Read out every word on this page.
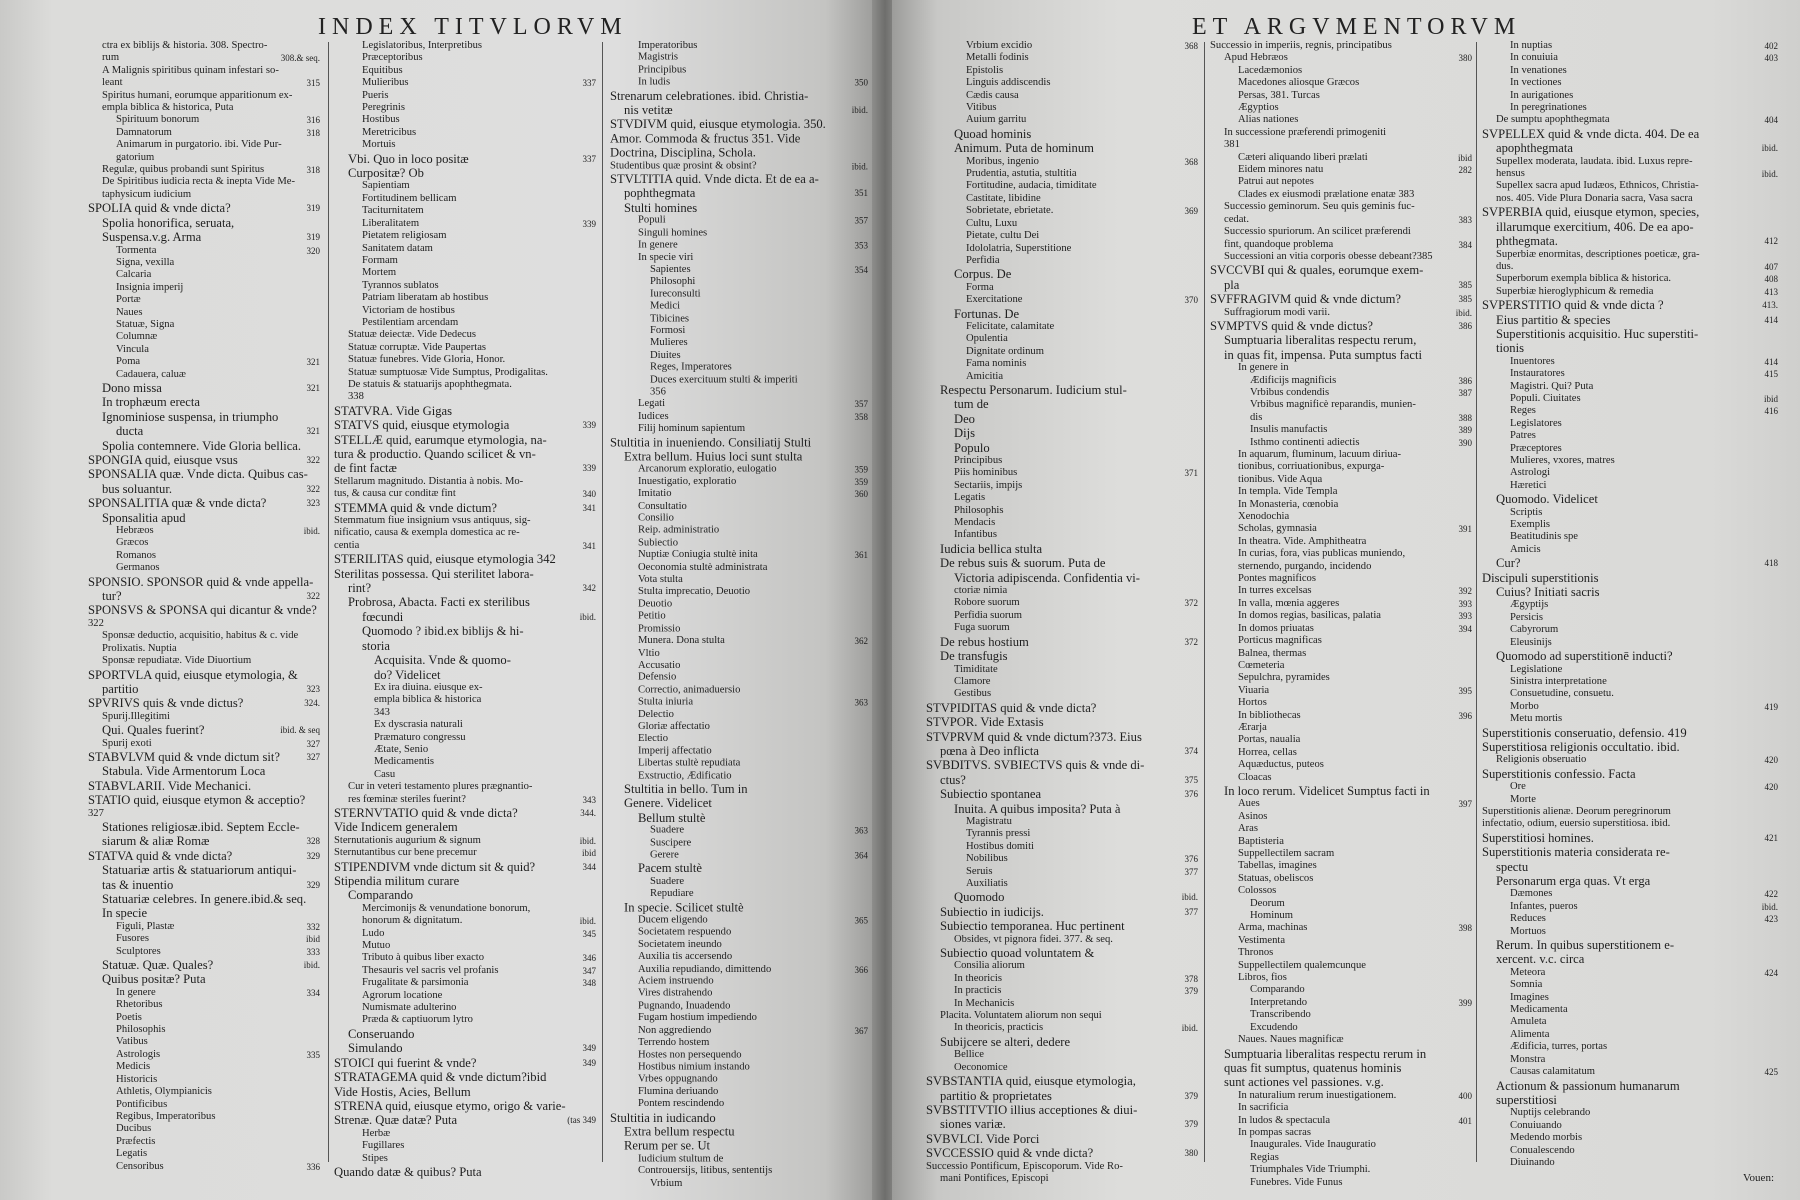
INDEX TITVLORVM
ctra ex biblijs & historia. 308. Spectro-
rum	308.& seq.
A Malignis spiritibus quinam infestari so-
leant	315
Spiritus humani, eorumque apparitionum ex-
empla biblica & historica, Puta
Spirituum bonorum	316
Damnatorum	318
Animarum in purgatorio. ibi. Vide Pur-
gatorium
Regulæ, quibus probandi sunt Spiritus	318
De Spiritibus iudicia recta & inepta Vide Me-
taphysicum iudicium
SPOLIA quid & vnde dicta?	319
Spolia honorifica, seruata,
Suspensa.v.g. Arma	319
Tormenta	320
Signa, vexilla
Calcaria
Insignia imperij
Portæ
Naues
Statuæ, Signa
Columnæ
Vincula
Poma	321
Cadauera, caluæ
Dono missa	321
In trophæum erecta
Ignominiose suspensa, in triumpho
ducta	321
Spolia contemnere. Vide Gloria bellica.
SPONGIA quid, eiusque vsus	322
SPONSALIA quæ. Vnde dicta. Quibus cas-
bus soluantur.	322
SPONSALITIA quæ & vnde dicta?	323
Sponsalitia apud
Hebræos	ibid.
Græcos
Romanos
Germanos
SPONSIO. SPONSOR quid & vnde appella-
tur?	322
SPONSVS & SPONSA qui dicantur & vnde?
322
Sponsæ deductio, acquisitio, habitus & c. vide
Prolixatis. Nuptia
Sponsæ repudiatæ. Vide Diuortium
SPORTVLA quid, eiusque etymologia, &
partitio	323
SPVRIVS quis & vnde dictus?	324.
Spurij.Illegitimi
Qui. Quales fuerint?	ibid. & seq
Spurij exoti	327
STABVLVM quid & vnde dictum sit?	327
Stabula. Vide Armentorum Loca
STABVLARII. Vide Mechanici.
STATIO quid, eiusque etymon & acceptio?
327
Stationes religiosæ.ibid. Septem Eccle-
siarum & aliæ Romæ	328
STATVA quid & vnde dicta?	329
Statuariæ artis & statuariorum antiqui-
tas & inuentio	329
Statuariæ celebres. In genere.ibid.& seq.
In specie
Figuli, Plastæ	332
Fusores	ibid
Sculptores	333
Statuæ. Quæ. Quales?	ibid.
Quibus positæ? Puta
In genere	334
Rhetoribus
Poetis
Philosophis
Vatibus
Astrologis	335
Medicis
Historicis
Athletis, Olympianicis
Pontificibus
Regibus, Imperatoribus
Ducibus
Præfectis
Legatis
Censoribus	336
Legislatoribus, Interpretibus
Præceptoribus
Equitibus
Mulieribus	337
Pueris
Peregrinis
Hostibus
Meretricibus
Mortuis
Vbi. Quo in loco positæ	337
Curpositæ? Ob
Sapientiam
Fortitudinem bellicam
Taciturnitatem
Liberalitatem	339
Pietatem religiosam
Sanitatem datam
Formam
Mortem
Tyrannos sublatos
Patriam liberatam ab hostibus
Victoriam de hostibus
Pestilentiam arcendam
Statuæ deiectæ. Vide Dedecus
Statuæ corruptæ. Vide Paupertas
Statuæ funebres. Vide Gloria, Honor.
Statuæ sumptuosæ Vide Sumptus, Prodigalitas.
De statuis & statuarijs apophthegmata.
338
STATVRA. Vide Gigas
STATVS quid, eiusque etymologia	339
STELLÆ quid, earumque etymologia, na-
tura & productio. Quando scilicet & vn-
de fint factæ	339
Stellarum magnitudo. Distantia à nobis. Mo-
tus, & causa cur conditæ fint	340
STEMMA quid & vnde dictum?	341
Stemmatum fiue insignium vsus antiquus, sig-
nificatio, causa & exempla domestica ac re-
centia	341
STERILITAS quid, eiusque etymologia 342
Sterilitas possessa. Qui sterilitet labora-
rint?	342
Probrosa, Abacta. Facti ex sterilibus
fœcundi	ibid.
Quomodo ? ibid.ex biblijs & hi-
storia
Acquisita. Vnde & quomo-
do? Videlicet
Ex ira diuina. eiusque ex-
empla biblica & historica
343
Ex dyscrasia naturali
Præmaturo congressu
Ætate, Senio
Medicamentis
Casu
Cur in veteri testamento plures prægnantio-
res fœminæ steriles fuerint?	343
STERNVTATIO quid & vnde dicta?	344.
Vide Indicem generalem
Sternutationis augurium & signum	ibid.
Sternutantibus cur bene precemur	ibid
STIPENDIVM vnde dictum sit & quid?	344
Stipendia militum curare
Comparando
Mercimonijs & venundatione bonorum,
honorum & dignitatum.	ibid.
Ludo	345
Mutuo
Tributo à quibus liber exacto	346
Thesauris vel sacris vel profanis	347
Frugalitate & parsimonia	348
Agrorum locatione
Numismate adulterino
Præda & captiuorum lytro
Conseruando
Simulando	349
STOICI qui fuerint & vnde?	349
STRATAGEMA quid & vnde dictum?ibid
Vide Hostis, Acies, Bellum
STRENA quid, eiusque etymo, origo & varie-
Strenæ. Quæ datæ? Puta	(tas 349
Herbæ
Fugillares
Stipes
Quando datæ & quibus? Puta
Imperatoribus
Magistris
Principibus
In ludis	350
Strenarum celebrationes. ibid. Christia-
nis vetitæ	ibid.
STVDIVM quid, eiusque etymologia. 350.
Amor. Commoda & fructus 351. Vide
Doctrina, Disciplina, Schola.
Studentibus quæ prosint & obsint?	ibid.
STVLTITIA quid. Vnde dicta. Et de ea a-
pophthegmata	351
Stulti homines
Populi	357
Singuli homines
In genere	353
In specie viri
Sapientes	354
Philosophi
Iureconsulti
Medici
Tibicines
Formosi
Mulieres
Diuites
Reges, Imperatores
Duces exercituum stulti & imperiti
356
Legati	357
Iudices	358
Filij hominum sapientum
Stultitia in inueniendo. Consiliatij Stulti
Extra bellum. Huius loci sunt stulta
Arcanorum exploratio, eulogatio	359
Inuestigatio, exploratio	359
Imitatio	360
Consultatio
Consilio
Reip. administratio
Subiectio
Nuptiæ Coniugia stultè inita	361
Oeconomia stultè administrata
Vota stulta
Stulta imprecatio, Deuotio
Deuotio
Petitio
Promissio
Munera. Dona stulta	362
Vltio
Accusatio
Defensio
Correctio, animaduersio
Stulta iniuria	363
Delectio
Gloriæ affectatio
Electio
Imperij affectatio
Libertas stultè repudiata
Exstructio, Ædificatio
Stultitia in bello. Tum in
Genere. Videlicet
Bellum stultè
Suadere	363
Suscipere
Gerere	364
Pacem stultè
Suadere
Repudiare
In specie. Scilicet stultè
Ducem eligendo	365
Societatem respuendo
Societatem ineundo
Auxilia tis accersendo
Auxilia repudiando, dimittendo	366
Aciem instruendo
Vires distrahendo
Pugnando, Inuadendo
Fugam hostium impediendo
Non aggrediendo	367
Terrendo hostem
Hostes non persequendo
Hostibus nimium instando
Vrbes oppugnando
Flumina deriuando
Pontem rescindendo
Stultitia in iudicando
Extra bellum respectu
Rerum per se. Ut
Iudicium stultum de
Controuersijs, litibus, sententijs
Vrbium
ET ARGVMENTORVM
Vrbium excidio	368
Metalli fodinis
Epistolis
Linguis addiscendis
Cædis causa
Vitibus
Auium garritu
Quoad hominis
Animum. Puta de hominum
Moribus, ingenio	368
Prudentia, astutia, stultitia
Fortitudine, audacia, timiditate
Castitate, libidine
Sobrietate, ebrietate.	369
Cultu, Luxu
Pietate, cultu Dei
Idololatria, Superstitione
Perfidia
Corpus. De
Forma
Exercitatione	370
Fortunas. De
Felicitate, calamitate
Opulentia
Dignitate ordinum
Fama nominis
Amicitia
Respectu Personarum. Iudicium stul-
tum de
Deo
Dijs
Populo
Principibus
Piis hominibus	371
Sectariis, impijs
Legatis
Philosophis
Mendacis
Infantibus
Iudicia bellica stulta
De rebus suis & suorum. Puta de
Victoria adipiscenda. Confidentia vi-
ctoriæ nimia
Robore suorum	372
Perfidia suorum
Fuga suorum
De rebus hostium	372
De transfugis
Timiditate
Clamore
Gestibus
STVPIDITAS quid & vnde dicta?
STVPOR. Vide Extasis
STVPRVM quid & vnde dictum?373. Eius
pœna à Deo inflicta	374
SVBDITVS. SVBIECTVS quis & vnde di-
ctus?	375
Subiectio spontanea	376
Inuita. A quibus imposita? Puta à
Magistratu
Tyrannis pressi
Hostibus domiti
Nobilibus	376
Seruis	377
Auxiliatis
Quomodo	ibid.
Subiectio in iudicijs.	377
Subiectio temporanea. Huc pertinent
Obsides, vt pignora fidei. 377. & seq.
Subiectio quoad voluntatem &
Consilia aliorum
In theoricis	378
In practicis	379
In Mechanicis
Placita. Voluntatem aliorum non sequi
In theoricis, practicis	ibid.
Subijcere se alteri, dedere
Bellice
Oeconomice
SVBSTANTIA quid, eiusque etymologia,
partitio & proprietates	379
SVBSTITVTIO illius acceptiones & diui-
siones variæ.	379
SVBVLCI. Vide Porci
SVCCESSIO quid & vnde dicta?	380
Successio Pontificum, Episcoporum. Vide Ro-
mani Pontifices, Episcopi
Successio in imperiis, regnis, principatibus
Apud Hebræos	380
Lacedæmonios
Macedones aliosque Græcos
Persas, 381. Turcas
Ægyptios
Alias nationes
In successione præferendi primogeniti
381
Cæteri aliquando liberi prælati	ibid
Eidem minores natu	282
Patrui aut nepotes
Clades ex eiusmodi prælatione enatæ 383
Successio geminorum. Seu quis geminis fuc-
cedat.	383
Successio spuriorum. An scilicet præferendi
fint, quandoque problema	384
Successioni an vitia corporis obesse debeant?385
SVCCVBI qui & quales, eorumque exem-
pla	385
SVFFRAGIVM quid & vnde dictum?	385
Suffragiorum modi varii.	ibid.
SVMPTVS quid & vnde dictus?	386
Sumptuaria liberalitas respectu rerum,
in quas fit, impensa. Puta sumptus facti
In genere in
Ædificijs magnificis	386
Vrbibus condendis	387
Vrbibus magnificè reparandis, munien-
dis	388
Insulis manufactis	389
Isthmo continenti adiectis	390
In aquarum, fluminum, lacuum diriua-
tionibus, corriuationibus, expurga-
tionibus. Vide Aqua
In templa. Vide Templa
In Monasteria, cœnobia
Xenodochia
Scholas, gymnasia	391
In theatra. Vide. Amphitheatra
In curias, fora, vias publicas muniendo,
sternendo, purgando, incidendo
Pontes magnificos
In turres excelsas	392
In valla, mœnia aggeres	393
In domos regias, basilicas, palatia	393
In domos priuatas	394
Porticus magnificas
Balnea, thermas
Cœmeteria
Sepulchra, pyramides
Viuaria	395
Hortos
In bibliothecas	396
Ærarja
Portas, naualia
Horrea, cellas
Aquæductus, puteos
Cloacas
In loco rerum. Videlicet Sumptus facti in
Aues	397
Asinos
Aras
Baptisteria
Suppellectilem sacram
Tabellas, imagines
Statuas, obeliscos
Colossos
Deorum
Hominum
Arma, machinas	398
Vestimenta
Thronos
Suppellectilem qualemcunque
Libros, fios
Comparando
Interpretando	399
Transcribendo
Excudendo
Naues. Naues magnificæ
Sumptuaria liberalitas respectu rerum in
quas fit sumptus, quatenus hominis
sunt actiones vel passiones. v.g.
In naturalium rerum inuestigationem.	400
In sacrificia
In ludos & spectacula	401
In pompas sacras
Inaugurales. Vide Inauguratio
Regias
Triumphales Vide Triumphi.
Funebres. Vide Funus
In nuptias	402
In conuiuia	403
In venationes
In vectiones
In aurigationes
In peregrinationes
De sumptu apophthegmata	404
SVPELLEX quid & vnde dicta. 404. De ea
apophthegmata	ibid.
Supellex moderata, laudata. ibid. Luxus repre-
hensus	ibid.
Supellex sacra apud Iudæos, Ethnicos, Christia-
nos. 405. Vide Plura Donaria sacra, Vasa sacra
SVPERBIA quid, eiusque etymon, species,
illarumque exercitium, 406. De ea apo-
phthegmata.	412
Superbiæ enormitas, descriptiones poeticæ, gra-
dus.	407
Superborum exempla biblica & historica.	408
Superbiæ hieroglyphicum & remedia	413
SVPERSTITIO quid & vnde dicta ?	413.
Eius partitio & species	414
Superstitionis acquisitio. Huc superstiti-
tionis
Inuentores	414
Instauratores	415
Magistri. Qui? Puta
Populi. Ciuitates	ibid
Reges	416
Legislatores
Patres
Præceptores
Mulieres, vxores, matres
Astrologi
Hæretici
Quomodo. Videlicet
Scriptis
Exemplis
Beatitudinis spe
Amicis
Cur?	418
Discipuli superstitionis
Cuius? Initiati sacris
Ægyptijs
Persicis
Cabyrorum
Eleusinijs
Quomodo ad superstitionē inducti?
Legislatione
Sinistra interpretatione
Consuetudine, consuetu.
Morbo	419
Metu mortis
Superstitionis conseruatio, defensio. 419
Superstitiosa religionis occultatio. ibid.
Religionis obseruatio	420
Superstitionis confessio. Facta
Ore	420
Morte
Superstitionis alienæ. Deorum peregrinorum
infectatio, odium, euersio superstitiosa. ibid.
Superstitiosi homines.	421
Superstitionis materia considerata re-
spectu
Personarum erga quas. Vt erga
Dæmones	422
Infantes, pueros	ibid.
Reduces	423
Mortuos
Rerum. In quibus superstitionem e-
xercent. v.c. circa
Meteora	424
Somnia
Imagines
Medicamenta
Amuleta
Alimenta
Ædificia, turres, portas
Monstra
Causas calamitatum	425
Actionum & passionum humanarum
superstitiosi
Nuptijs celebrando
Conuiuando
Medendo morbis
Conualescendo
Diuinando
Vouen:
